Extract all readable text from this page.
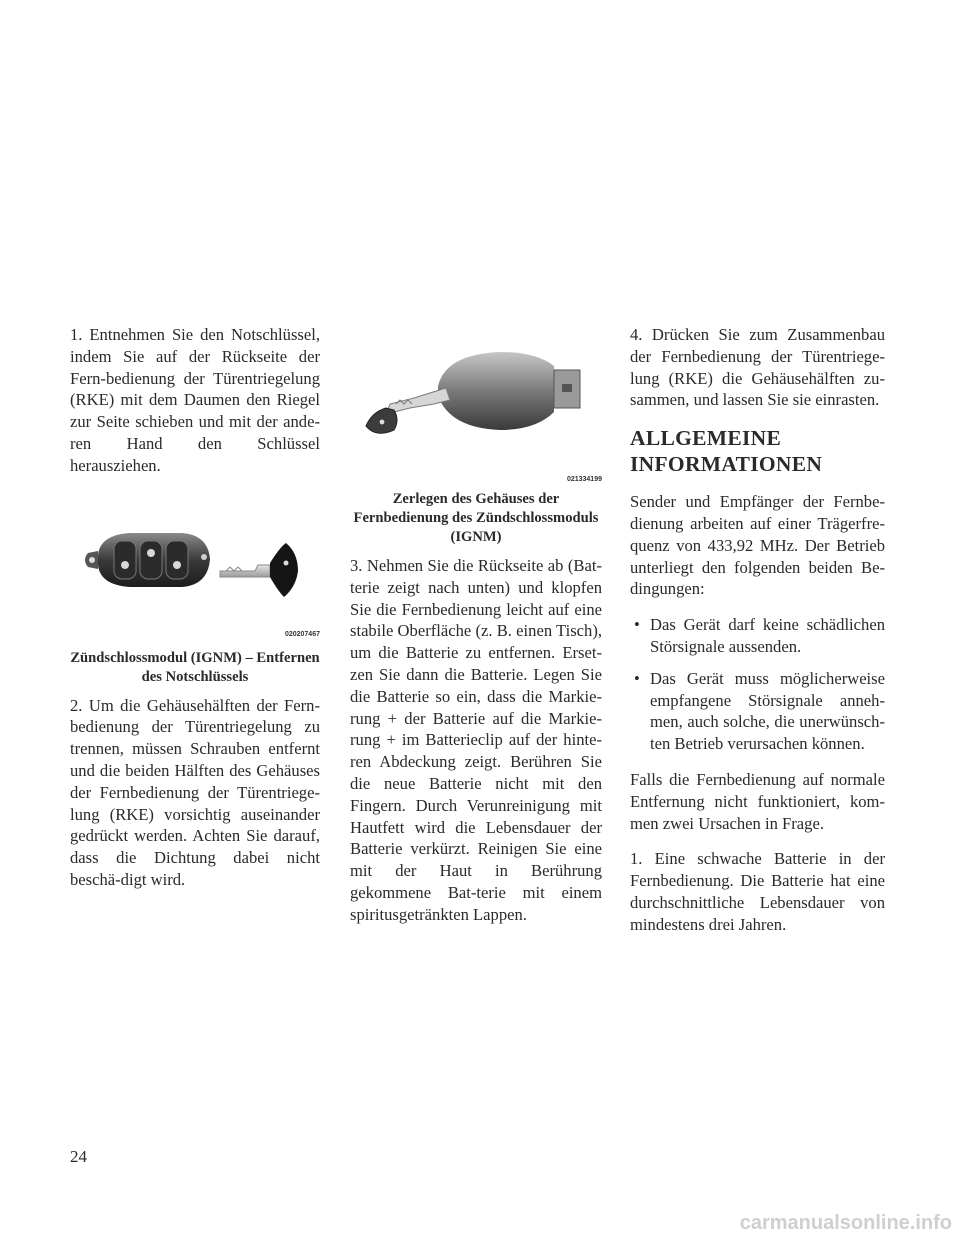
1. Entnehmen Sie den Notschlüssel, indem Sie auf der Rückseite der Fern-bedienung der Türentriegelung (RKE) mit dem Daumen den Riegel zur Seite schieben und mit der ande-ren Hand den Schlüssel herausziehen.

020207467

Zündschlossmodul (IGNM) – Entfernen des Notschlüssels

2. Um die Gehäusehälften der Fern-bedienung der Türentriegelung zu trennen, müssen Schrauben entfernt und die beiden Hälften des Gehäuses der Fernbedienung der Türentriege-lung (RKE) vorsichtig auseinander gedrückt werden. Achten Sie darauf, dass die Dichtung dabei nicht beschä-digt wird.

021334199

Zerlegen des Gehäuses der Fernbedienung des Zündschlossmoduls (IGNM)

3. Nehmen Sie die Rückseite ab (Bat-terie zeigt nach unten) und klopfen Sie die Fernbedienung leicht auf eine stabile Oberfläche (z. B. einen Tisch), um die Batterie zu entfernen. Erset-zen Sie dann die Batterie. Legen Sie die Batterie so ein, dass die Markie-rung + der Batterie auf die Markie-rung + im Batterieclip auf der hinte-ren Abdeckung zeigt. Berühren Sie die neue Batterie nicht mit den Fingern. Durch Verunreinigung mit Hautfett wird die Lebensdauer der Batterie verkürzt. Reinigen Sie eine mit der Haut in Berührung gekommene Bat-terie mit einem spiritusgetränkten Lappen.

4. Drücken Sie zum Zusammenbau der Fernbedienung der Türentriege-lung (RKE) die Gehäusehälften zu-sammen, und lassen Sie sie einrasten.

ALLGEMEINE
INFORMATIONEN

Sender und Empfänger der Fernbe-dienung arbeiten auf einer Trägerfre-quenz von 433,92 MHz. Der Betrieb unterliegt den folgenden beiden Be-dingungen:

• Das Gerät darf keine schädlichen Störsignale aussenden.
• Das Gerät muss möglicherweise empfangene Störsignale anneh-men, auch solche, die unerwünsch-ten Betrieb verursachen können.

Falls die Fernbedienung auf normale Entfernung nicht funktioniert, kom-men zwei Ursachen in Frage.

1. Eine schwache Batterie in der Fernbedienung. Die Batterie hat eine durchschnittliche Lebensdauer von mindestens drei Jahren.

24
carmanualsonline.info
